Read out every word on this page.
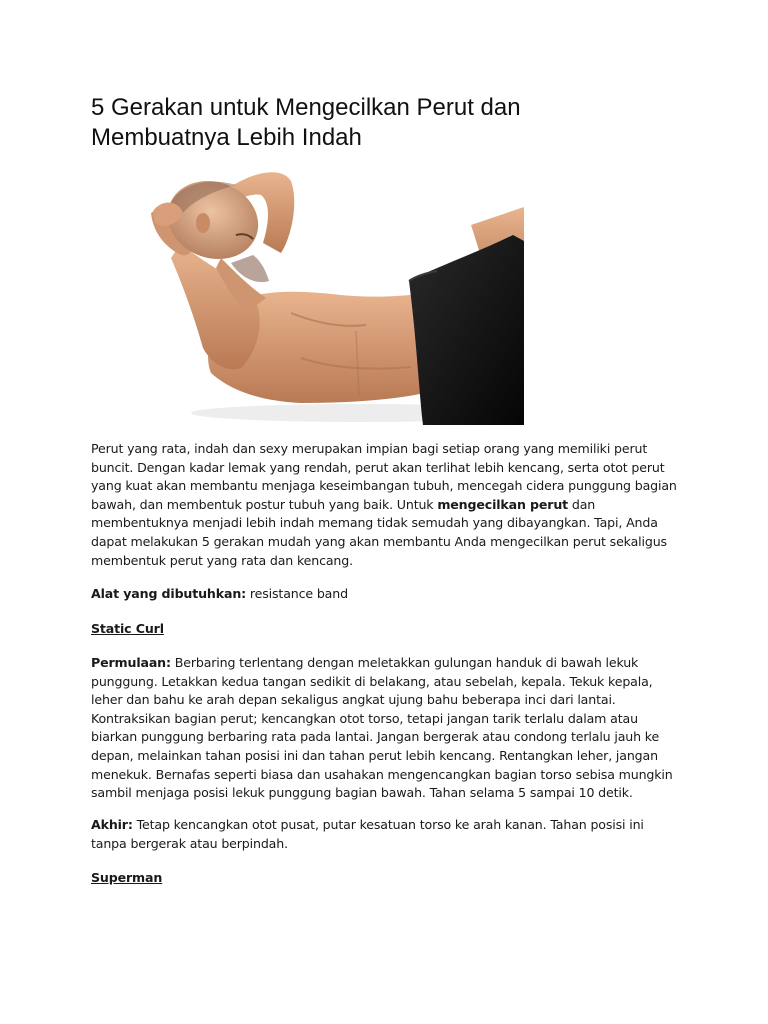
5 Gerakan untuk Mengecilkan Perut dan Membuatnya Lebih Indah

Perut yang rata, indah dan sexy merupakan impian bagi setiap orang yang memiliki perut buncit. Dengan kadar lemak yang rendah, perut akan terlihat lebih kencang, serta otot perut yang kuat akan membantu menjaga keseimbangan tubuh, mencegah cidera punggung bagian bawah, dan membentuk postur tubuh yang baik. Untuk mengecilkan perut dan membentuknya menjadi lebih indah memang tidak semudah yang dibayangkan. Tapi, Anda dapat melakukan 5 gerakan mudah yang akan membantu Anda mengecilkan perut sekaligus membentuk perut yang rata dan kencang.

Alat yang dibutuhkan: resistance band

Static Curl

Permulaan: Berbaring terlentang dengan meletakkan gulungan handuk di bawah lekuk punggung. Letakkan kedua tangan sedikit di belakang, atau sebelah, kepala. Tekuk kepala, leher dan bahu ke arah depan sekaligus angkat ujung bahu beberapa inci dari lantai. Kontraksikan bagian perut; kencangkan otot torso, tetapi jangan tarik terlalu dalam atau biarkan punggung berbaring rata pada lantai. Jangan bergerak atau condong terlalu jauh ke depan, melainkan tahan posisi ini dan tahan perut lebih kencang. Rentangkan leher, jangan menekuk. Bernafas seperti biasa dan usahakan mengencangkan bagian torso sebisa mungkin sambil menjaga posisi lekuk punggung bagian bawah. Tahan selama 5 sampai 10 detik.

Akhir: Tetap kencangkan otot pusat, putar kesatuan torso ke arah kanan. Tahan posisi ini tanpa bergerak atau berpindah.

Superman
